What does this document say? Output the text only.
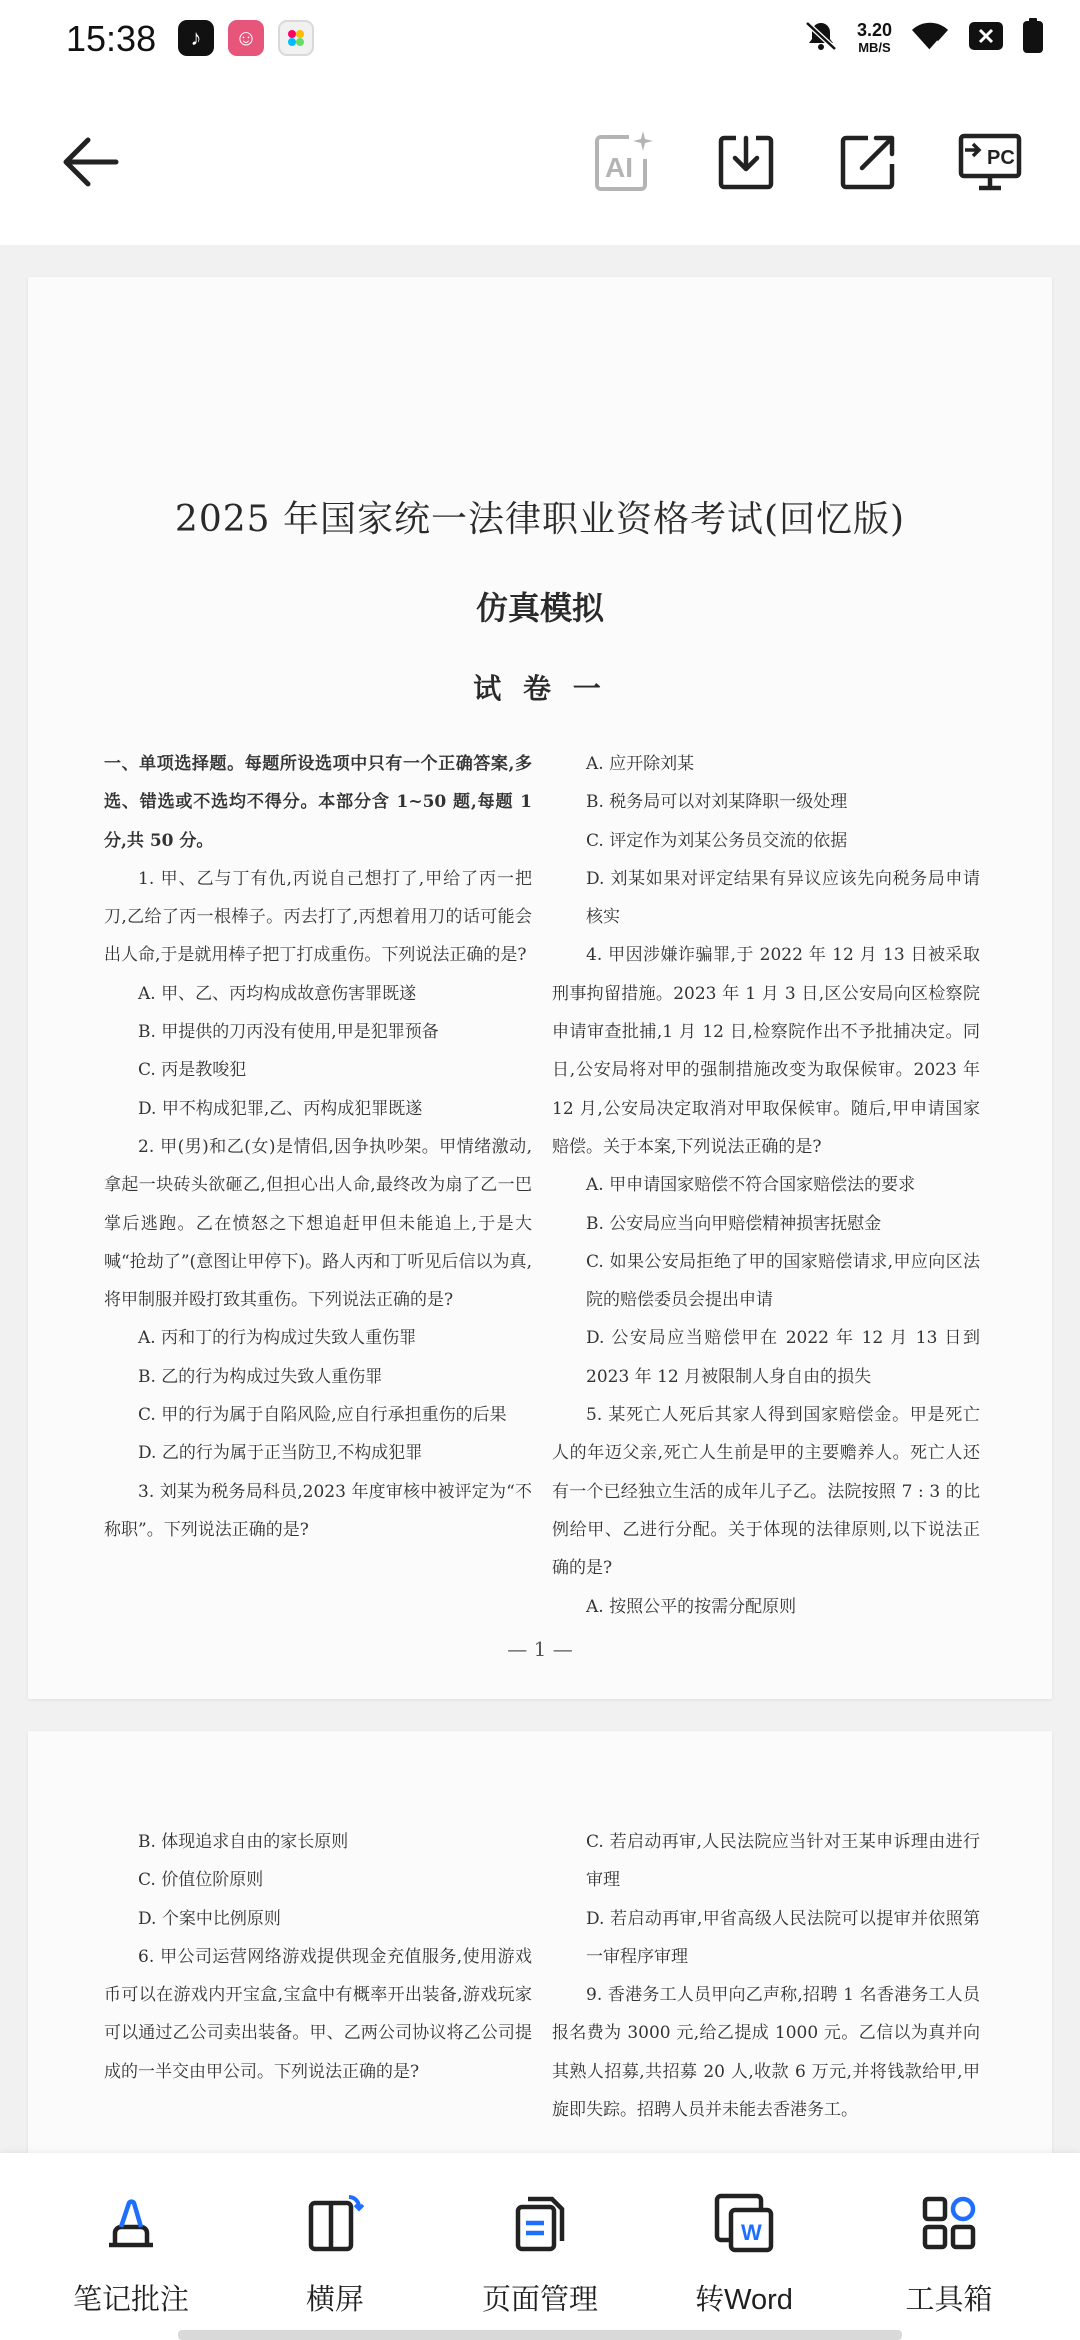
15:38	♪	☺	3.20
MB/S
AI	PC
2025 年国家统一法律职业资格考试(回忆版)
仿真模拟
试 卷 一

一、单项选择题。每题所设选项中只有一个正确答案,多选、错选或不选均不得分。本部分含 1~50 题,每题 1 分,共 50 分。

1. 甲、乙与丁有仇,丙说自己想打了,甲给了丙一把刀,乙给了丙一根棒子。丙去打了,丙想着用刀的话可能会出人命,于是就用棒子把丁打成重伤。下列说法正确的是?

A. 甲、乙、丙均构成故意伤害罪既遂

B. 甲提供的刀丙没有使用,甲是犯罪预备

C. 丙是教唆犯

D. 甲不构成犯罪,乙、丙构成犯罪既遂

2. 甲(男)和乙(女)是情侣,因争执吵架。甲情绪激动,拿起一块砖头欲砸乙,但担心出人命,最终改为扇了乙一巴掌后逃跑。乙在愤怒之下想追赶甲但未能追上,于是大喊“抢劫了”(意图让甲停下)。路人丙和丁听见后信以为真,将甲制服并殴打致其重伤。下列说法正确的是?

A. 丙和丁的行为构成过失致人重伤罪

B. 乙的行为构成过失致人重伤罪

C. 甲的行为属于自陷风险,应自行承担重伤的后果

D. 乙的行为属于正当防卫,不构成犯罪

3. 刘某为税务局科员,2023 年度审核中被评定为“不称职”。下列说法正确的是?

A. 应开除刘某

B. 税务局可以对刘某降职一级处理

C. 评定作为刘某公务员交流的依据

D. 刘某如果对评定结果有异议应该先向税务局申请核实

4. 甲因涉嫌诈骗罪,于 2022 年 12 月 13 日被采取刑事拘留措施。2023 年 1 月 3 日,区公安局向区检察院申请审查批捕,1 月 12 日,检察院作出不予批捕决定。同日,公安局将对甲的强制措施改变为取保候审。2023 年 12 月,公安局决定取消对甲取保候审。随后,甲申请国家赔偿。关于本案,下列说法正确的是?

A. 甲申请国家赔偿不符合国家赔偿法的要求

B. 公安局应当向甲赔偿精神损害抚慰金

C. 如果公安局拒绝了甲的国家赔偿请求,甲应向区法院的赔偿委员会提出申请

D. 公安局应当赔偿甲在 2022 年 12 月 13 日到 2023 年 12 月被限制人身自由的损失

5. 某死亡人死后其家人得到国家赔偿金。甲是死亡人的年迈父亲,死亡人生前是甲的主要赡养人。死亡人还有一个已经独立生活的成年儿子乙。法院按照 7 : 3 的比例给甲、乙进行分配。关于体现的法律原则,以下说法正确的是?

A. 按照公平的按需分配原则

— 1 —

B. 体现追求自由的家长原则

C. 价值位阶原则

D. 个案中比例原则

6. 甲公司运营网络游戏提供现金充值服务,使用游戏币可以在游戏内开宝盒,宝盒中有概率开出装备,游戏玩家可以通过乙公司卖出装备。甲、乙两公司协议将乙公司提成的一半交由甲公司。下列说法正确的是?

C. 若启动再审,人民法院应当针对王某申诉理由进行审理

D. 若启动再审,甲省高级人民法院可以提审并依照第一审程序审理

9. 香港务工人员甲向乙声称,招聘 1 名香港务工人员报名费为 3000 元,给乙提成 1000 元。乙信以为真并向其熟人招募,共招募 20 人,收款 6 万元,并将钱款给甲,甲旋即失踪。招聘人员并未能去香港务工。

笔记批注	横屏	页面管理
W
转Word	工具箱
